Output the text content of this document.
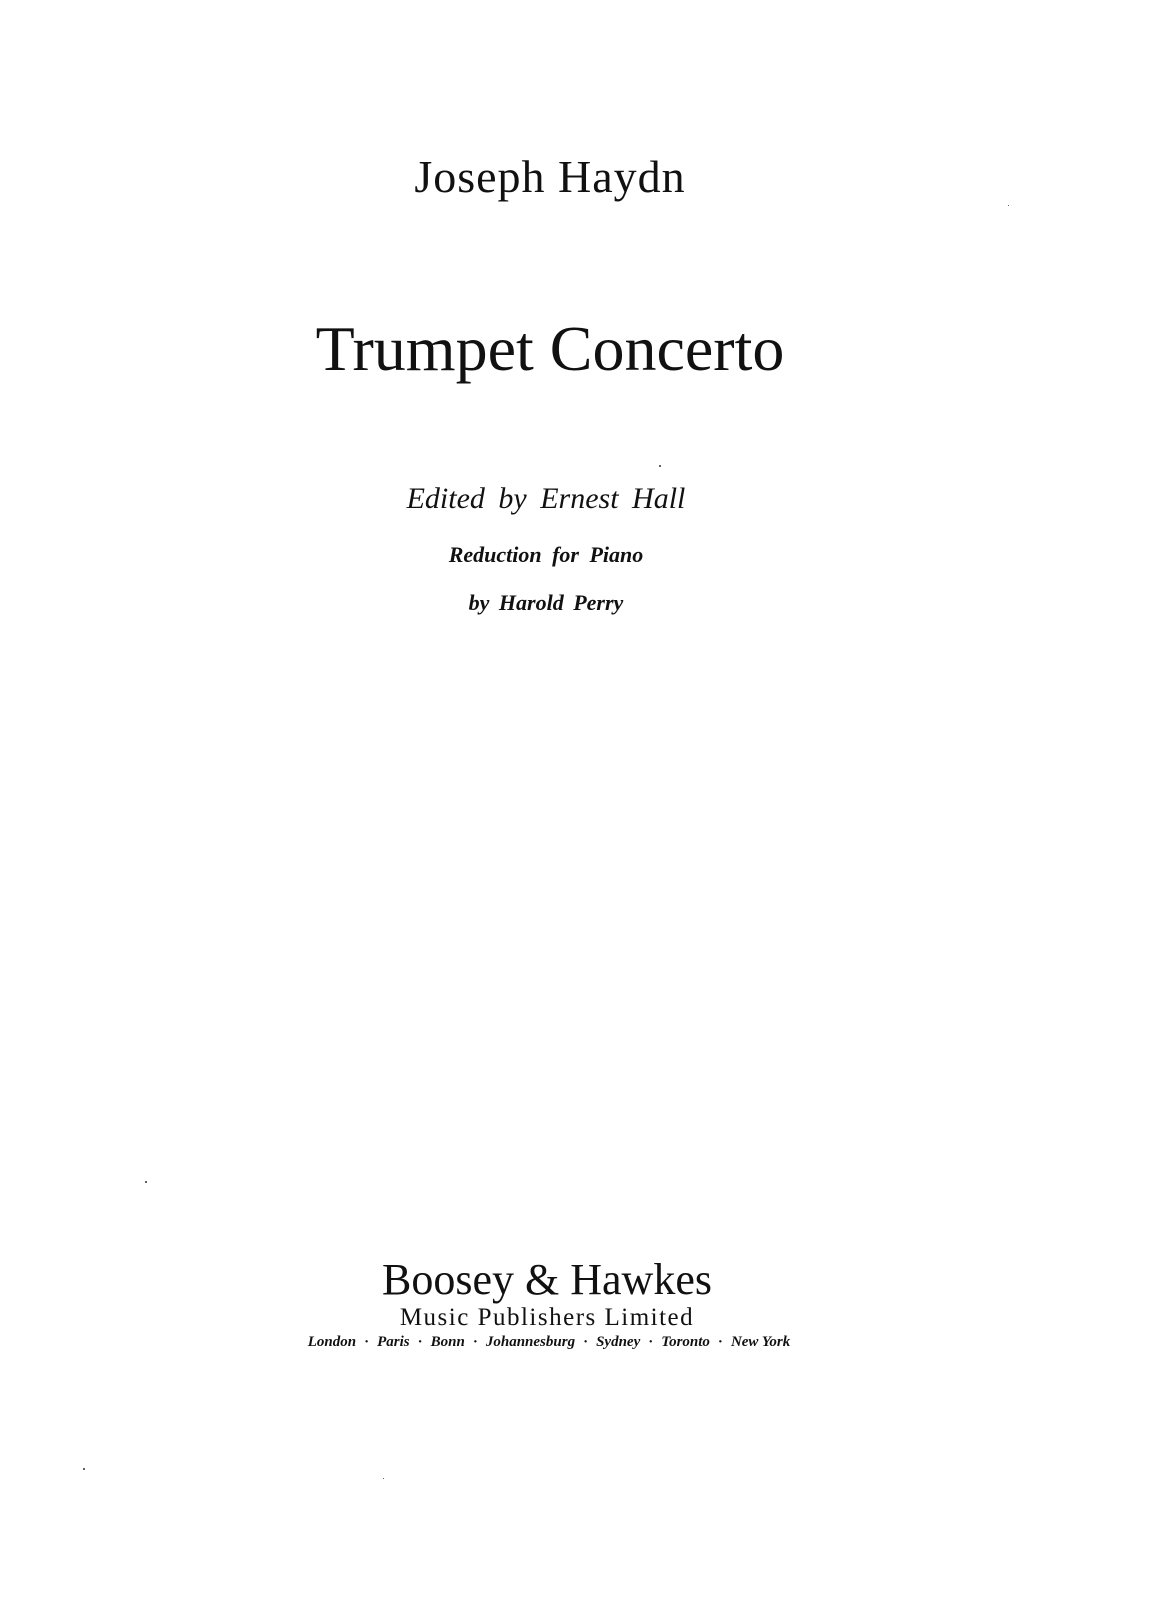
Joseph Haydn
Trumpet Concerto
Edited by Ernest Hall
Reduction for Piano
by Harold Perry
Boosey & Hawkes
Music Publishers Limited
London · Paris · Bonn · Johannesburg · Sydney · Toronto · New York
